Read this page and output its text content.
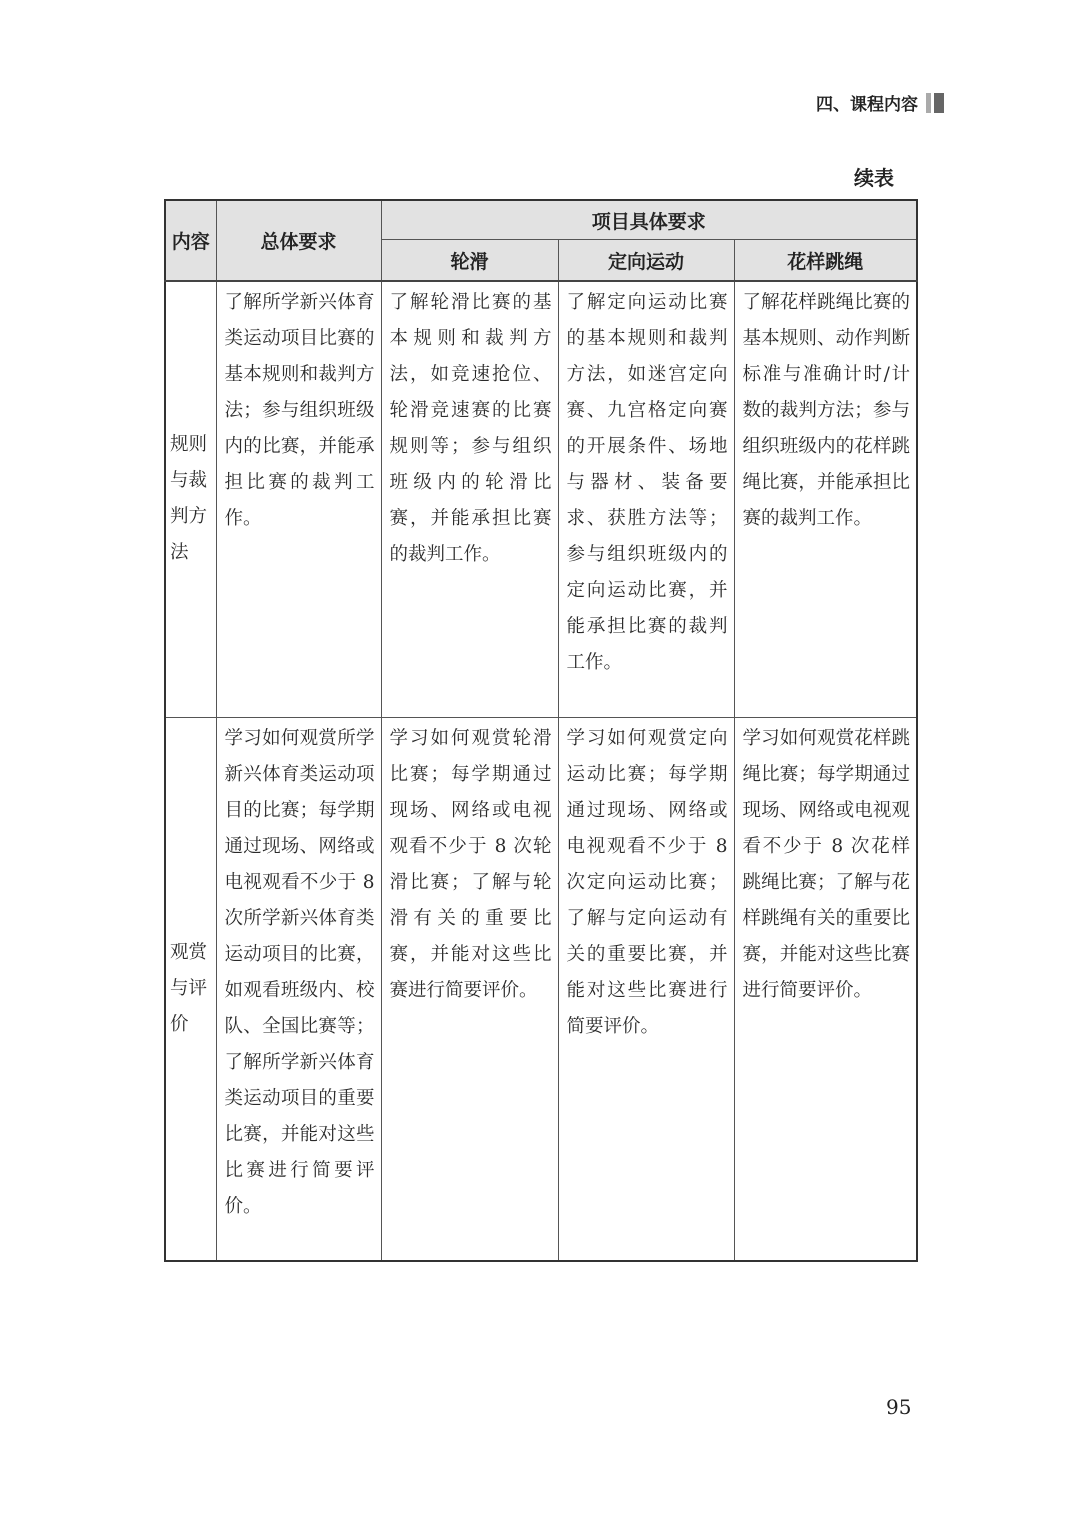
四、课程内容
续表
内容	总体要求	项目具体要求		
		轮滑	定向运动	花样跳绳
规则与裁判方法	了解所学新兴体育类运动项目比赛的基本规则和裁判方法；参与组织班级内的比赛，并能承担比赛的裁判工作。	了解轮滑比赛的基本规则和裁判方法，如竞速抢位、轮滑竞速赛的比赛规则等；参与组织班级内的轮滑比赛，并能承担比赛的裁判工作。	了解定向运动比赛的基本规则和裁判方法，如迷宫定向赛、九宫格定向赛的开展条件、场地与器材、装备要求、获胜方法等；参与组织班级内的定向运动比赛，并能承担比赛的裁判工作。	了解花样跳绳比赛的基本规则、动作判断标准与准确计时/计数的裁判方法；参与组织班级内的花样跳绳比赛，并能承担比赛的裁判工作。
观赏与评价	学习如何观赏所学新兴体育类运动项目的比赛；每学期通过现场、网络或电视观看不少于 8 次所学新兴体育类运动项目的比赛，如观看班级内、校队、全国比赛等；了解所学新兴体育类运动项目的重要比赛，并能对这些比赛进行简要评价。	学习如何观赏轮滑比赛；每学期通过现场、网络或电视观看不少于 8 次轮滑比赛；了解与轮滑有关的重要比赛，并能对这些比赛进行简要评价。	学习如何观赏定向运动比赛；每学期通过现场、网络或电视观看不少于 8 次定向运动比赛；了解与定向运动有关的重要比赛，并能对这些比赛进行简要评价。	学习如何观赏花样跳绳比赛；每学期通过现场、网络或电视观看不少于 8 次花样跳绳比赛；了解与花样跳绳有关的重要比赛，并能对这些比赛进行简要评价。
95
